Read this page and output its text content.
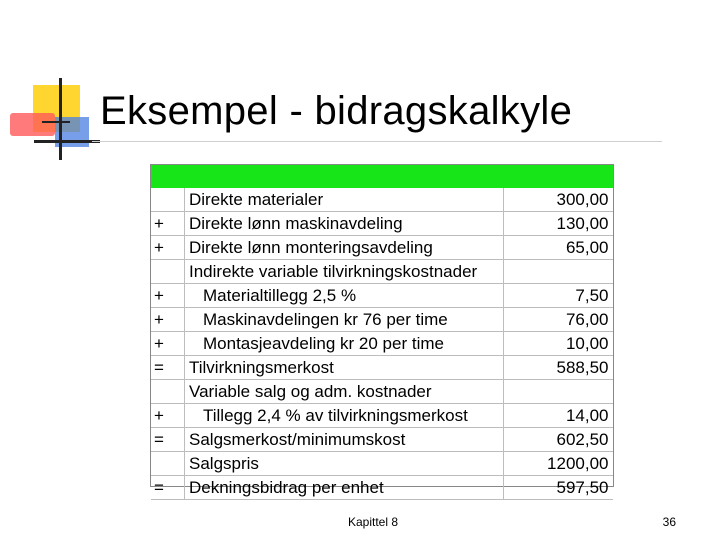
Eksempel - bidragskalkyle

	Direkte materialer	300,00
+	Direkte lønn maskinavdeling	130,00
+	Direkte lønn monteringsavdeling	65,00
	Indirekte variable tilvirkningskostnader	
+	Materialtillegg 2,5 %	7,50
+	Maskinavdelingen kr 76 per time	76,00
+	Montasjeavdeling kr 20 per time	10,00
=	Tilvirkningsmerkost	588,50
	Variable salg og adm. kostnader	
+	Tillegg 2,4 % av tilvirkningsmerkost	14,00
=	Salgsmerkost/minimumskost	602,50
	Salgspris	1200,00
=	Dekningsbidrag per enhet	597,50
Kapittel 8	36
